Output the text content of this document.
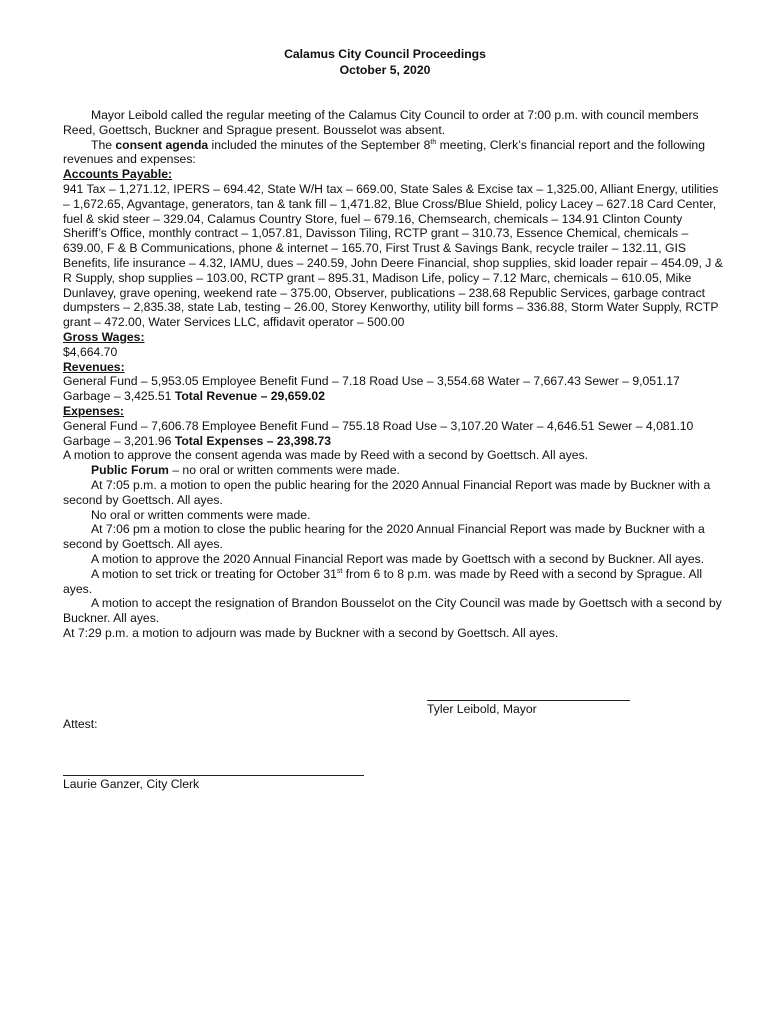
Calamus City Council Proceedings
October 5, 2020

Mayor Leibold called the regular meeting of the Calamus City Council to order at 7:00 p.m. with council members Reed, Goettsch, Buckner and Sprague present. Bousselot was absent.

The consent agenda included the minutes of the September 8th meeting, Clerk’s financial report and the following revenues and expenses:

Accounts Payable:

941 Tax – 1,271.12, IPERS – 694.42, State W/H tax – 669.00, State Sales & Excise tax – 1,325.00, Alliant Energy, utilities – 1,672.65, Agvantage, generators, tan & tank fill – 1,471.82, Blue Cross/Blue Shield, policy Lacey – 627.18 Card Center, fuel & skid steer – 329.04, Calamus Country Store, fuel – 679.16, Chemsearch, chemicals – 134.91 Clinton County Sheriff’s Office, monthly contract – 1,057.81, Davisson Tiling, RCTP grant – 310.73, Essence Chemical, chemicals – 639.00, F & B Communications, phone & internet – 165.70, First Trust & Savings Bank, recycle trailer – 132.11, GIS Benefits, life insurance – 4.32, IAMU, dues – 240.59, John Deere Financial, shop supplies, skid loader repair – 454.09, J & R Supply, shop supplies – 103.00, RCTP grant – 895.31, Madison Life, policy – 7.12 Marc, chemicals – 610.05, Mike Dunlavey, grave opening, weekend rate – 375.00, Observer, publications – 238.68 Republic Services, garbage contract dumpsters – 2,835.38, state Lab, testing – 26.00, Storey Kenworthy, utility bill forms – 336.88, Storm Water Supply, RCTP grant – 472.00, Water Services LLC, affidavit operator – 500.00

Gross Wages:

$4,664.70

Revenues:

General Fund – 5,953.05 Employee Benefit Fund – 7.18 Road Use – 3,554.68 Water – 7,667.43 Sewer – 9,051.17 Garbage – 3,425.51 Total Revenue – 29,659.02

Expenses:

General Fund – 7,606.78 Employee Benefit Fund – 755.18 Road Use – 3,107.20 Water – 4,646.51 Sewer – 4,081.10 Garbage – 3,201.96 Total Expenses – 23,398.73

A motion to approve the consent agenda was made by Reed with a second by Goettsch. All ayes.

Public Forum – no oral or written comments were made.

At 7:05 p.m. a motion to open the public hearing for the 2020 Annual Financial Report was made by Buckner with a second by Goettsch. All ayes.

No oral or written comments were made.

At 7:06 pm a motion to close the public hearing for the 2020 Annual Financial Report was made by Buckner with a second by Goettsch. All ayes.

A motion to approve the 2020 Annual Financial Report was made by Goettsch with a second by Buckner. All ayes.

A motion to set trick or treating for October 31st from 6 to 8 p.m. was made by Reed with a second by Sprague. All ayes.

A motion to accept the resignation of Brandon Bousselot on the City Council was made by Goettsch with a second by Buckner. All ayes.

At 7:29 p.m. a motion to adjourn was made by Buckner with a second by Goettsch. All ayes.

Tyler Leibold, Mayor
Attest:
Laurie Ganzer, City Clerk
